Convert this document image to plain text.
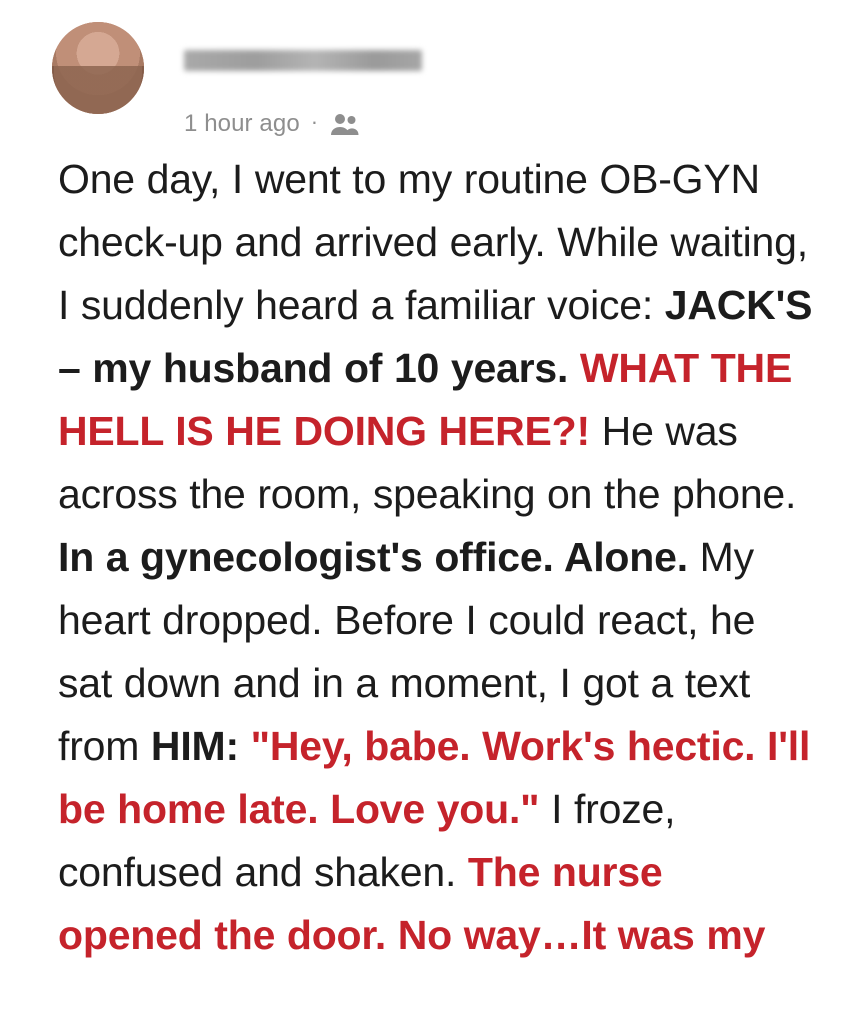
1 hour ago ·
One day, I went to my routine OB-GYN check-up and arrived early. While waiting, I suddenly heard a familiar voice: JACK'S – my husband of 10 years. WHAT THE HELL IS HE DOING HERE?! He was across the room, speaking on the phone. In a gynecologist's office. Alone. My heart dropped. Before I could react, he sat down and in a moment, I got a text from HIM: "Hey, babe. Work's hectic. I'll be home late. Love you." I froze, confused and shaken. The nurse opened the door. No way…It was my
